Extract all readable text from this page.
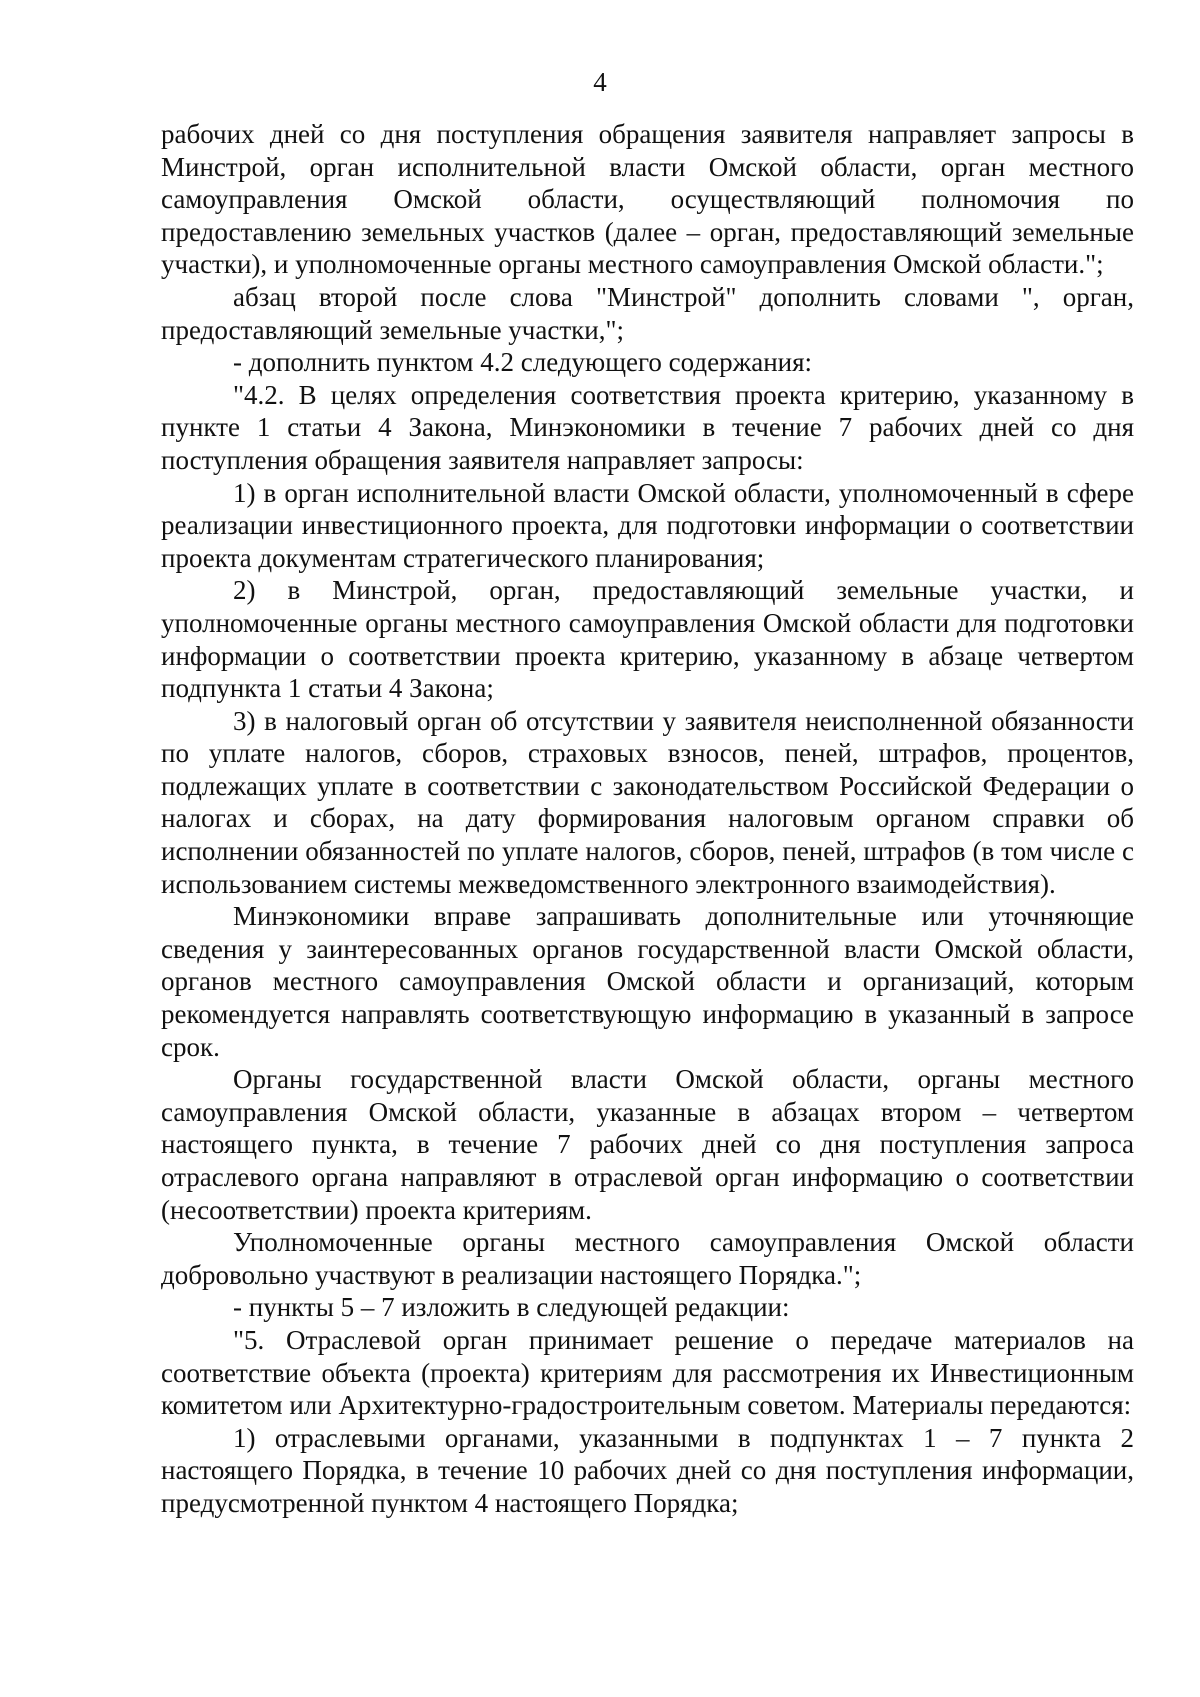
4

рабочих дней со дня поступления обращения заявителя направляет запросы в Минстрой, орган исполнительной власти Омской области, орган местного самоуправления Омской области, осуществляющий полномочия по предоставлению земельных участков (далее – орган, предоставляющий земельные участки), и уполномоченные органы местного самоуправления Омской области.";

абзац второй после слова "Минстрой" дополнить словами ", орган, предоставляющий земельные участки,";

- дополнить пунктом 4.2 следующего содержания:

"4.2. В целях определения соответствия проекта критерию, указанному в пункте 1 статьи 4 Закона, Минэкономики в течение 7 рабочих дней со дня поступления обращения заявителя направляет запросы:

1) в орган исполнительной власти Омской области, уполномоченный в сфере реализации инвестиционного проекта, для подготовки информации о соответствии проекта документам стратегического планирования;

2) в Минстрой, орган, предоставляющий земельные участки, и уполномоченные органы местного самоуправления Омской области для подготовки информации о соответствии проекта критерию, указанному в абзаце четвертом подпункта 1 статьи 4 Закона;

3) в налоговый орган об отсутствии у заявителя неисполненной обязанности по уплате налогов, сборов, страховых взносов, пеней, штрафов, процентов, подлежащих уплате в соответствии с законодательством Российской Федерации о налогах и сборах, на дату формирования налоговым органом справки об исполнении обязанностей по уплате налогов, сборов, пеней, штрафов (в том числе с использованием системы межведомственного электронного взаимодействия).

Минэкономики вправе запрашивать дополнительные или уточняющие сведения у заинтересованных органов государственной власти Омской области, органов местного самоуправления Омской области и организаций, которым рекомендуется направлять соответствующую информацию в указанный в запросе срок.

Органы государственной власти Омской области, органы местного самоуправления Омской области, указанные в абзацах втором – четвертом настоящего пункта, в течение 7 рабочих дней со дня поступления запроса отраслевого органа направляют в отраслевой орган информацию о соответствии (несоответствии) проекта критериям.

Уполномоченные органы местного самоуправления Омской области добровольно участвуют в реализации настоящего Порядка.";

- пункты 5 – 7 изложить в следующей редакции:

"5. Отраслевой орган принимает решение о передаче материалов на соответствие объекта (проекта) критериям для рассмотрения их Инвестиционным комитетом или Архитектурно-градостроительным советом. Материалы передаются:

1) отраслевыми органами, указанными в подпунктах 1 – 7 пункта 2 настоящего Порядка, в течение 10 рабочих дней со дня поступления информации, предусмотренной пунктом 4 настоящего Порядка;
